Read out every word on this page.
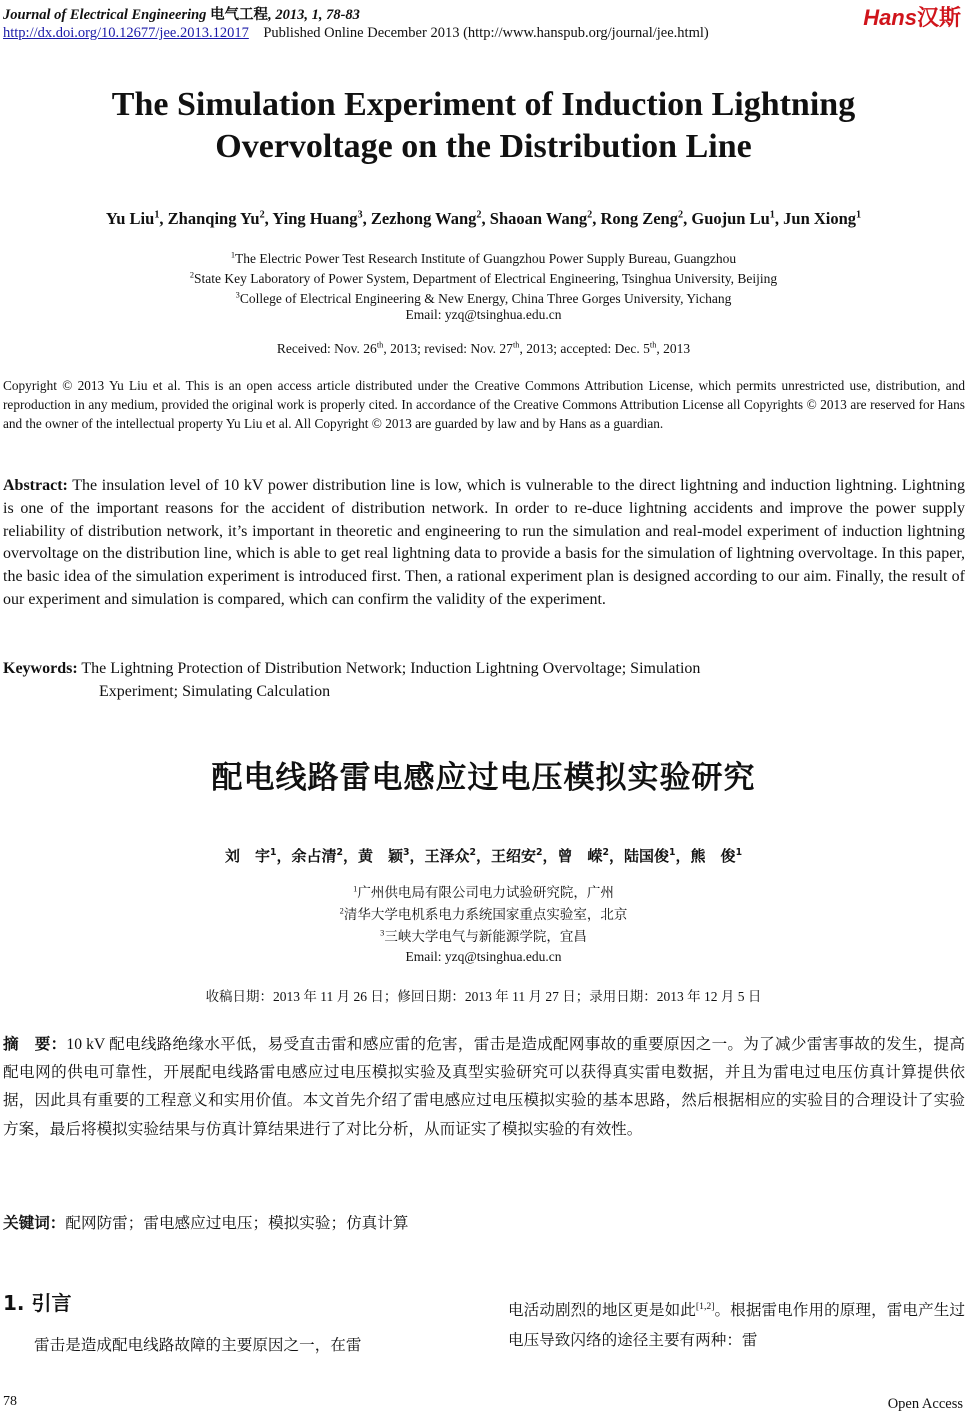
Journal of Electrical Engineering 电气工程, 2013, 1, 78-83
http://dx.doi.org/10.12677/jee.2013.12017 Published Online December 2013 (http://www.hanspub.org/journal/jee.html)
Hans汉斯
The Simulation Experiment of Induction Lightning
Overvoltage on the Distribution Line
Yu Liu$^1$, Zhanqing Yu$^2$, Ying Huang$^3$, Zezhong Wang$^2$, Shaoan Wang$^2$, Rong Zeng$^2$, Guojun Lu$^1$, Jun Xiong$^1$
$^1$The Electric Power Test Research Institute of Guangzhou Power Supply Bureau, Guangzhou
$^2$State Key Laboratory of Power System, Department of Electrical Engineering, Tsinghua University, Beijing
$^3$College of Electrical Engineering & New Energy, China Three Gorges University, Yichang
Email: yzq@tsinghua.edu.cn
Received: Nov. 26th, 2013; revised: Nov. 27th, 2013; accepted: Dec. 5th, 2013
Copyright © 2013 Yu Liu et al. This is an open access article distributed under the Creative Commons Attribution License, which permits unrestricted use, distribution, and reproduction in any medium, provided the original work is properly cited. In accordance of the Creative Commons Attribution License all Copyrights © 2013 are reserved for Hans and the owner of the intellectual property Yu Liu et al. All Copyright © 2013 are guarded by law and by Hans as a guardian.
Abstract: The insulation level of 10 kV power distribution line is low, which is vulnerable to the direct lightning and induction lightning. Lightning is one of the important reasons for the accident of distribution network. In order to re-duce lightning accidents and improve the power supply reliability of distribution network, it’s important in theoretic and engineering to run the simulation and real-model experiment of induction lightning overvoltage on the distribution line, which is able to get real lightning data to provide a basis for the simulation of lightning overvoltage. In this paper, the basic idea of the simulation experiment is introduced first. Then, a rational experiment plan is designed according to our aim. Finally, the result of our experiment and simulation is compared, which can confirm the validity of the experiment.
Keywords: The Lightning Protection of Distribution Network; Induction Lightning Overvoltage; Simulation
Experiment; Simulating Calculation
配电线路雷电感应过电压模拟实验研究
刘　宇$^1$，余占清$^2$，黄　颖$^3$，王泽众$^2$，王绍安$^2$，曾　嵘$^2$，陆国俊$^1$，熊　俊$^1$
$^1$广州供电局有限公司电力试验研究院，广州
$^2$清华大学电机系电力系统国家重点实验室，北京
$^3$三峡大学电气与新能源学院，宜昌
Email: yzq@tsinghua.edu.cn
收稿日期：2013 年 11 月 26 日；修回日期：2013 年 11 月 27 日；录用日期：2013 年 12 月 5 日
摘　要：10 kV 配电线路绝缘水平低，易受直击雷和感应雷的危害，雷击是造成配网事故的重要原因之一。为了减少雷害事故的发生，提高配电网的供电可靠性，开展配电线路雷电感应过电压模拟实验及真型实验研究可以获得真实雷电数据，并且为雷电过电压仿真计算提供依据，因此具有重要的工程意义和实用价值。本文首先介绍了雷电感应过电压模拟实验的基本思路，然后根据相应的实验目的合理设计了实验方案，最后将模拟实验结果与仿真计算结果进行了对比分析，从而证实了模拟实验的有效性。
关键词：配网防雷；雷电感应过电压；模拟实验；仿真计算
1. 引言
雷击是造成配电线路故障的主要原因之一，在雷
电活动剧烈的地区更是如此[1,2]。根据雷电作用的原理，雷电产生过电压导致闪络的途径主要有两种：雷
78	Open Access
